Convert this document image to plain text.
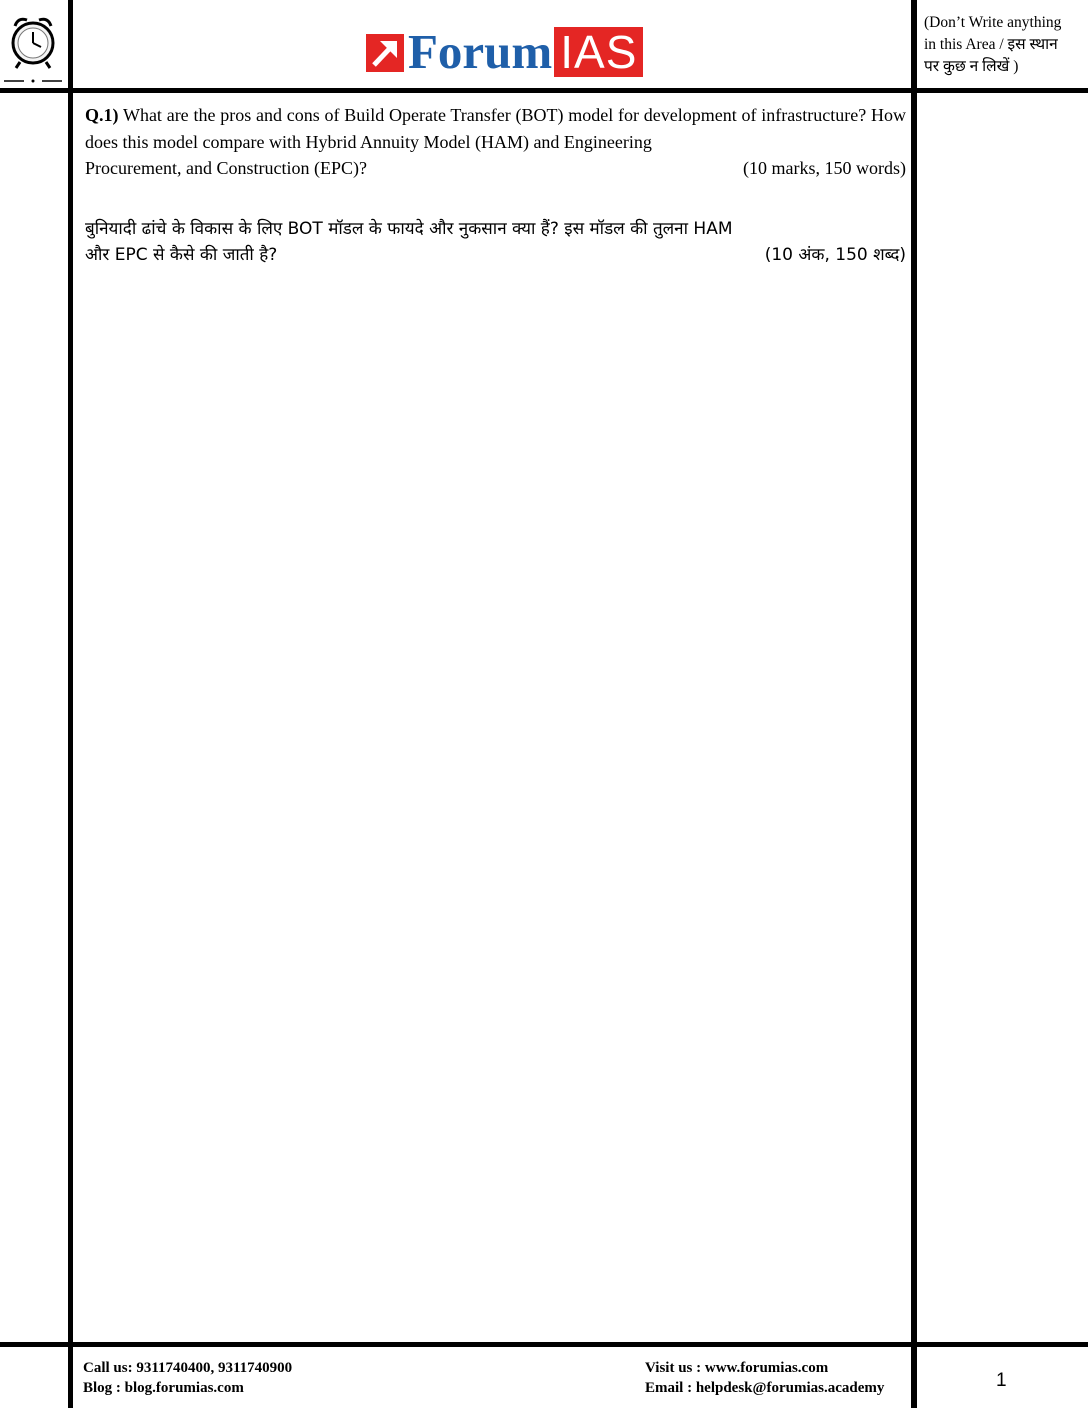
Forum IAS
(Don’t Write anything
in this Area / इस स्थान
पर कुछ न लिखें )
Q.1) What are the pros and cons of Build Operate Transfer (BOT) model for development of infrastructure? How does this model compare with Hybrid Annuity Model (HAM) and Engineering
Procurement, and Construction (EPC)?	(10 marks, 150 words)
बुनियादी ढांचे के विकास के लिए BOT मॉडल के फायदे और नुकसान क्या हैं? इस मॉडल की तुलना HAM
और EPC से कैसे की जाती है?	(10 अंक, 150 शब्द)
Call us: 9311740400, 9311740900
Blog : blog.forumias.com
Visit us : www.forumias.com
Email : helpdesk@forumias.academy	1
